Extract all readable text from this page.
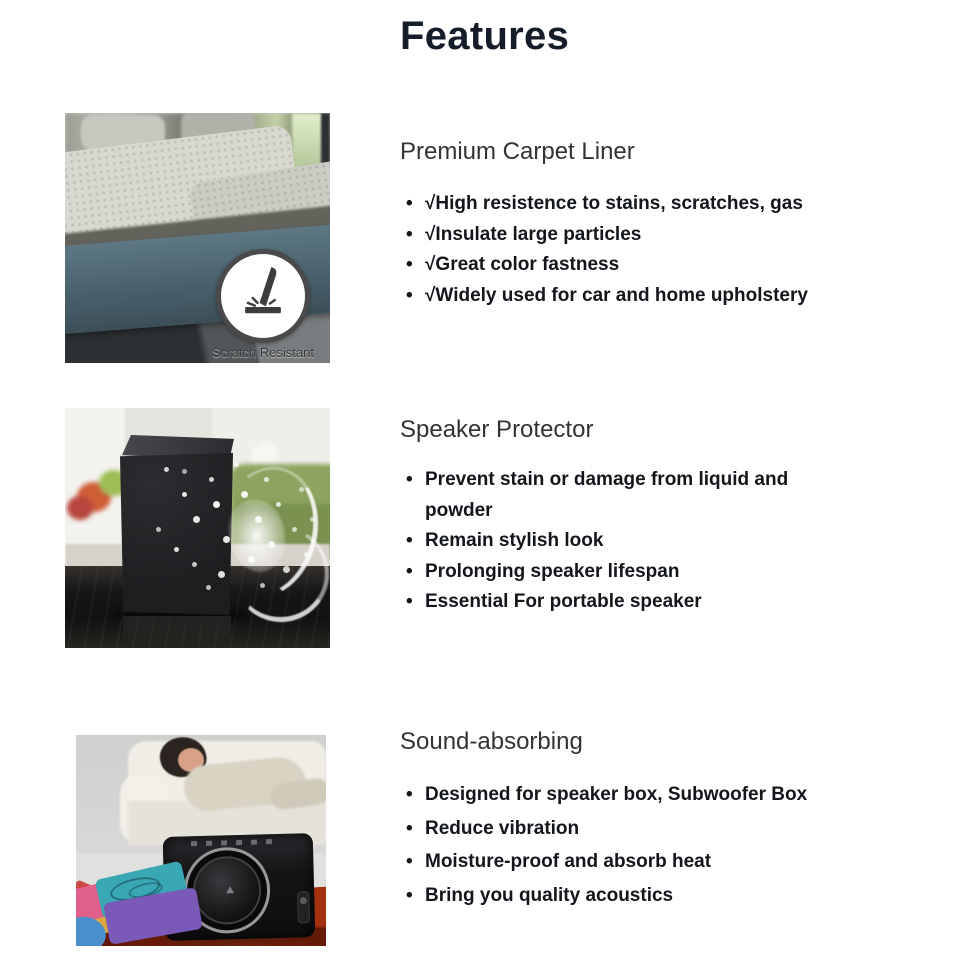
Features
Scratch Resistant
Premium Carpet Liner
• √High resistence to stains, scratches, gas
• √Insulate large particles
• √Great color fastness
• √Widely used for car and home upholstery
Speaker Protector
• Prevent stain or damage from liquid and powder
• Remain stylish look
• Prolonging speaker lifespan
• Essential For portable speaker
Sound-absorbing
• Designed for speaker box, Subwoofer Box
• Reduce vibration
• Moisture-proof and absorb heat
• Bring you quality acoustics
